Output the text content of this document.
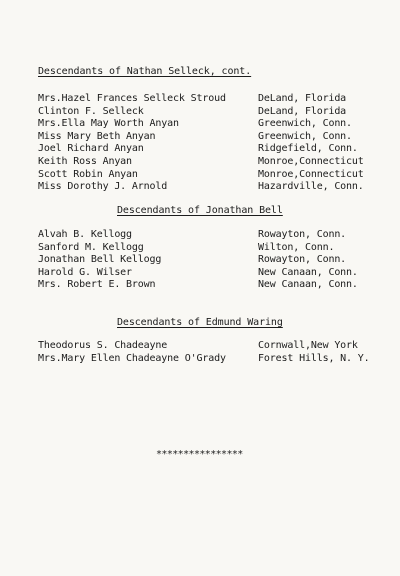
Descendants of Nathan Selleck, cont.
Mrs.Hazel Frances Selleck Stroud	DeLand, Florida
Clinton F. Selleck	DeLand, Florida
Mrs.Ella May Worth Anyan	Greenwich, Conn.
Miss Mary Beth Anyan	Greenwich, Conn.
Joel Richard Anyan	Ridgefield, Conn.
Keith Ross Anyan	Monroe,Connecticut
Scott Robin Anyan	Monroe,Connecticut
Miss Dorothy J. Arnold	Hazardville, Conn.
Descendants of Jonathan Bell
Alvah B. Kellogg	Rowayton, Conn.
Sanford M. Kellogg	Wilton, Conn.
Jonathan Bell Kellogg	Rowayton, Conn.
Harold G. Wilser	New Canaan, Conn.
Mrs. Robert E. Brown	New Canaan, Conn.
Descendants of Edmund Waring
Theodorus S. Chadeayne	Cornwall,New York
Mrs.Mary Ellen Chadeayne O'Grady	Forest Hills, N. Y.
****************
